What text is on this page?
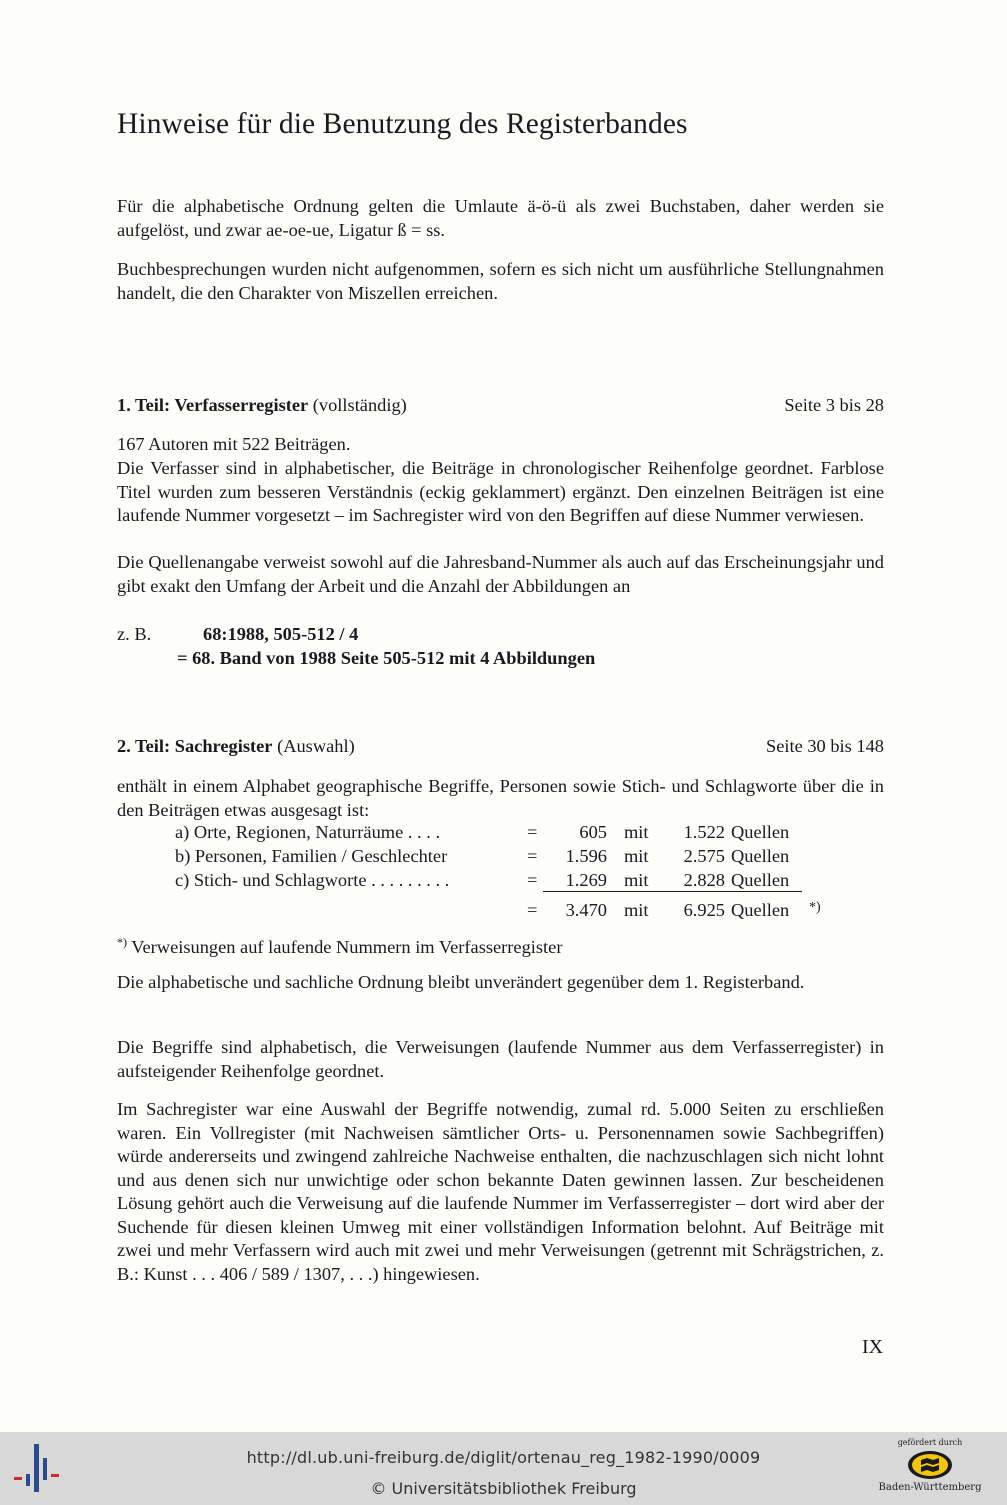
Hinweise für die Benutzung des Registerbandes

Für die alphabetische Ordnung gelten die Umlaute ä-ö-ü als zwei Buchstaben, daher werden sie aufgelöst, und zwar ae-oe-ue, Ligatur ß = ss.

Buchbesprechungen wurden nicht aufgenommen, sofern es sich nicht um ausführliche Stellungnahmen handelt, die den Charakter von Miszellen erreichen.

1. Teil: Verfasserregister (vollständig)	Seite 3 bis 28
167 Autoren mit 522 Beiträgen.

Die Verfasser sind in alphabetischer, die Beiträge in chronologischer Reihenfolge geordnet. Farblose Titel wurden zum besseren Verständnis (eckig geklammert) ergänzt. Den einzelnen Beiträgen ist eine laufende Nummer vorgesetzt – im Sachregister wird von den Begriffen auf diese Nummer verwiesen.

Die Quellenangabe verweist sowohl auf die Jahresband-Nummer als auch auf das Erscheinungsjahr und gibt exakt den Umfang der Arbeit und die Anzahl der Abbildungen an

z. B.	68:1988, 505-512 / 4
= 68. Band von 1988 Seite 505-512 mit 4 Abbildungen
2. Teil: Sachregister (Auswahl)	Seite 30 bis 148

enthält in einem Alphabet geographische Begriffe, Personen sowie Stich- und Schlagworte über die in den Beiträgen etwas ausgesagt ist:

a) Orte, Regionen, Naturräume . . . .	=	605 mit	1.522 Quellen
b) Personen, Familien / Geschlechter	=	1.596 mit	2.575 Quellen
c) Stich- und Schlagworte . . . . . . . . .	=	1.269 mit	2.828 Quellen
=	3.470 mit	6.925 Quellen *)
*) Verweisungen auf laufende Nummern im Verfasserregister

Die alphabetische und sachliche Ordnung bleibt unverändert gegenüber dem 1. Registerband.

Die Begriffe sind alphabetisch, die Verweisungen (laufende Nummer aus dem Verfasserregister) in aufsteigender Reihenfolge geordnet.

Im Sachregister war eine Auswahl der Begriffe notwendig, zumal rd. 5.000 Seiten zu erschließen waren. Ein Vollregister (mit Nachweisen sämtlicher Orts- u. Personennamen sowie Sachbegriffen) würde andererseits und zwingend zahlreiche Nachweise enthalten, die nachzuschlagen sich nicht lohnt und aus denen sich nur unwichtige oder schon bekannte Daten gewinnen lassen. Zur bescheidenen Lösung gehört auch die Verweisung auf die laufende Nummer im Verfasserregister – dort wird aber der Suchende für diesen kleinen Umweg mit einer vollständigen Information belohnt. Auf Beiträge mit zwei und mehr Verfassern wird auch mit zwei und mehr Verweisungen (getrennt mit Schrägstrichen, z. B.: Kunst . . . 406 / 589 / 1307, . . .) hingewiesen.

IX
http://dl.ub.uni-freiburg.de/diglit/ortenau_reg_1982-1990/0009
© Universitätsbibliothek Freiburg
gefördert durch
Baden-Württemberg
